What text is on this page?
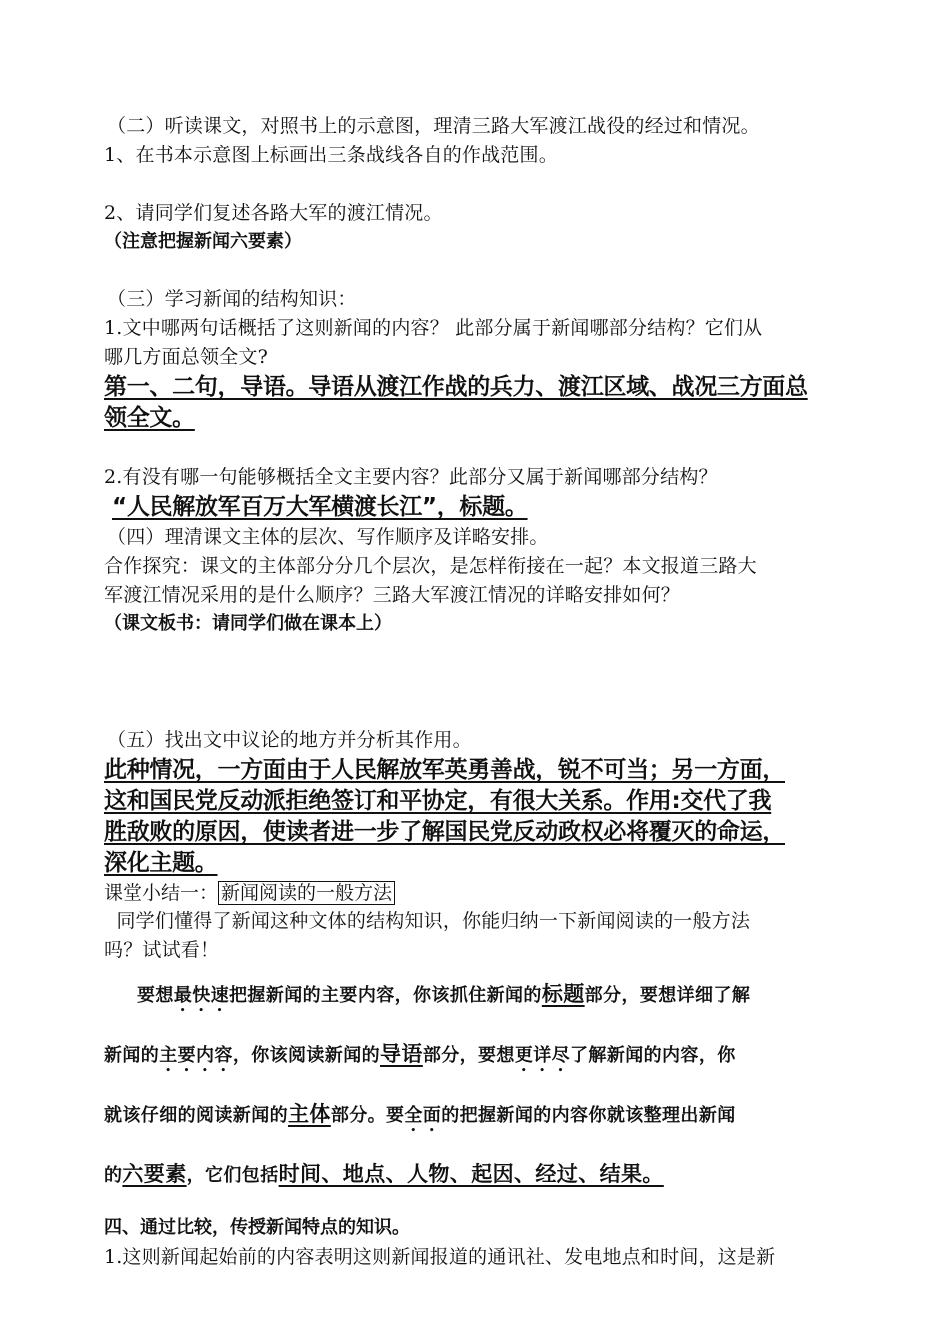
（二）听读课文，对照书上的示意图，理清三路大军渡江战役的经过和情况。
1、在书本示意图上标画出三条战线各自的作战范围。
2、请同学们复述各路大军的渡江情况。
（注意把握新闻六要素）
（三）学习新闻的结构知识：
1.文中哪两句话概括了这则新闻的内容？ 此部分属于新闻哪部分结构？它们从
哪几方面总领全文?
第一、二句，导语。导语从渡江作战的兵力、渡江区域、战况三方面总
领全文。
2.有没有哪一句能够概括全文主要内容？此部分又属于新闻哪部分结构？
“人民解放军百万大军横渡长江”，标题。
（四）理清课文主体的层次、写作顺序及详略安排。
合作探究：课文的主体部分分几个层次，是怎样衔接在一起？本文报道三路大
军渡江情况采用的是什么顺序？三路大军渡江情况的详略安排如何？
（课文板书：请同学们做在课本上）
（五）找出文中议论的地方并分析其作用。
此种情况，一方面由于人民解放军英勇善战，锐不可当；另一方面，
这和国民党反动派拒绝签订和平协定，有很大关系。作用:交代了我
胜敌败的原因，使读者进一步了解国民党反动政权必将覆灭的命运，
深化主题。
课堂小结一： 新闻阅读的一般方法
同学们懂得了新闻这种文体的结构知识，你能归纳一下新闻阅读的一般方法
吗？试试看！
要想最快速把握新闻的主要内容，你该抓住新闻的标题部分，要想详细了解
新闻的主要内容，你该阅读新闻的导语部分，要想更详尽了解新闻的内容，你
就该仔细的阅读新闻的主体部分。要全面的把握新闻的内容你就该整理出新闻
的六要素，它们包括时间、地点、人物、起因、经过、结果。
四、通过比较，传授新闻特点的知识。
1.这则新闻起始前的内容表明这则新闻报道的通讯社、发电地点和时间，这是新
